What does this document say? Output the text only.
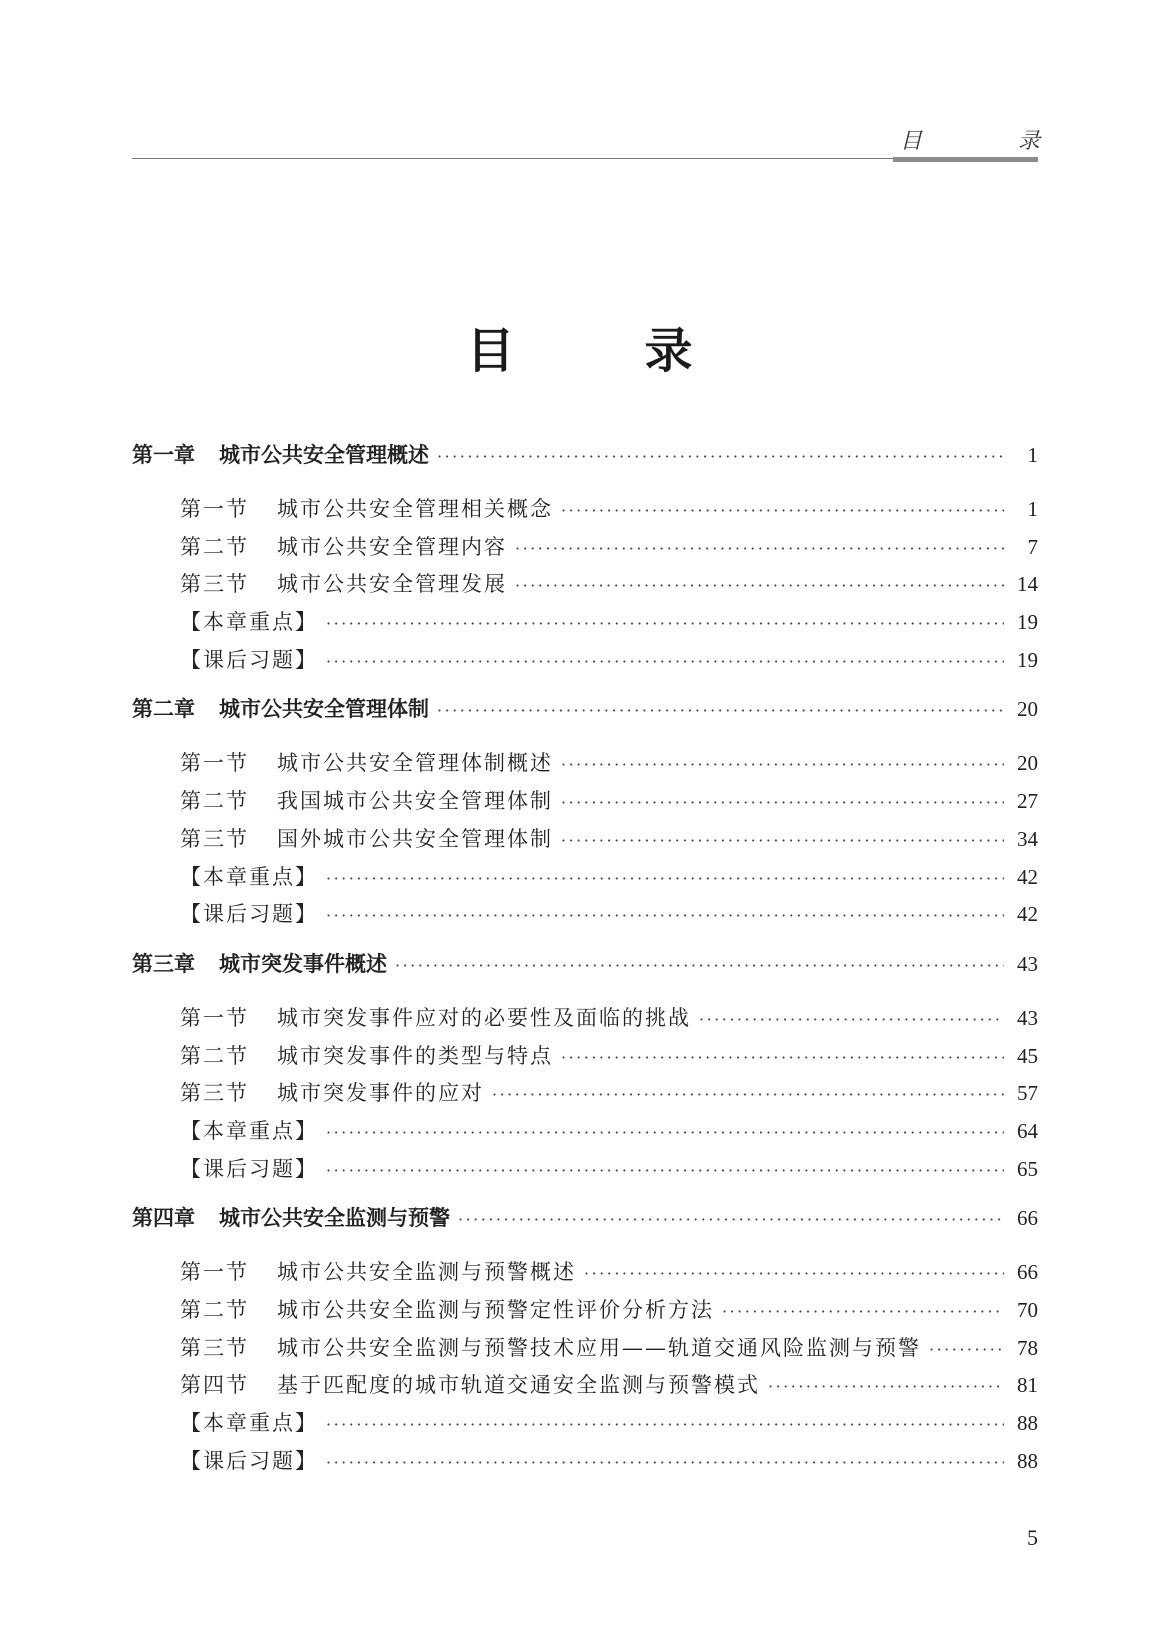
目	录
目录
第一章 城市公共安全管理概述 ·····	1
第一节 城市公共安全管理相关概念 ·····	1
第二节 城市公共安全管理内容 ·····	7
第三节 城市公共安全管理发展 ·····	14
【本章重点】 ·····	19
【课后习题】 ·····	19
第二章 城市公共安全管理体制 ·····	20
第一节 城市公共安全管理体制概述 ·····	20
第二节 我国城市公共安全管理体制 ·····	27
第三节 国外城市公共安全管理体制 ·····	34
【本章重点】 ·····	42
【课后习题】 ·····	42
第三章 城市突发事件概述 ·····	43
第一节 城市突发事件应对的必要性及面临的挑战 ·····	43
第二节 城市突发事件的类型与特点 ·····	45
第三节 城市突发事件的应对 ·····	57
【本章重点】 ·····	64
【课后习题】 ·····	65
第四章 城市公共安全监测与预警 ·····	66
第一节 城市公共安全监测与预警概述 ·····	66
第二节 城市公共安全监测与预警定性评价分析方法 ·····	70
第三节 城市公共安全监测与预警技术应用——轨道交通风险监测与预警 ·····	78
第四节 基于匹配度的城市轨道交通安全监测与预警模式 ·····	81
【本章重点】 ·····	88
【课后习题】 ·····	88
5
